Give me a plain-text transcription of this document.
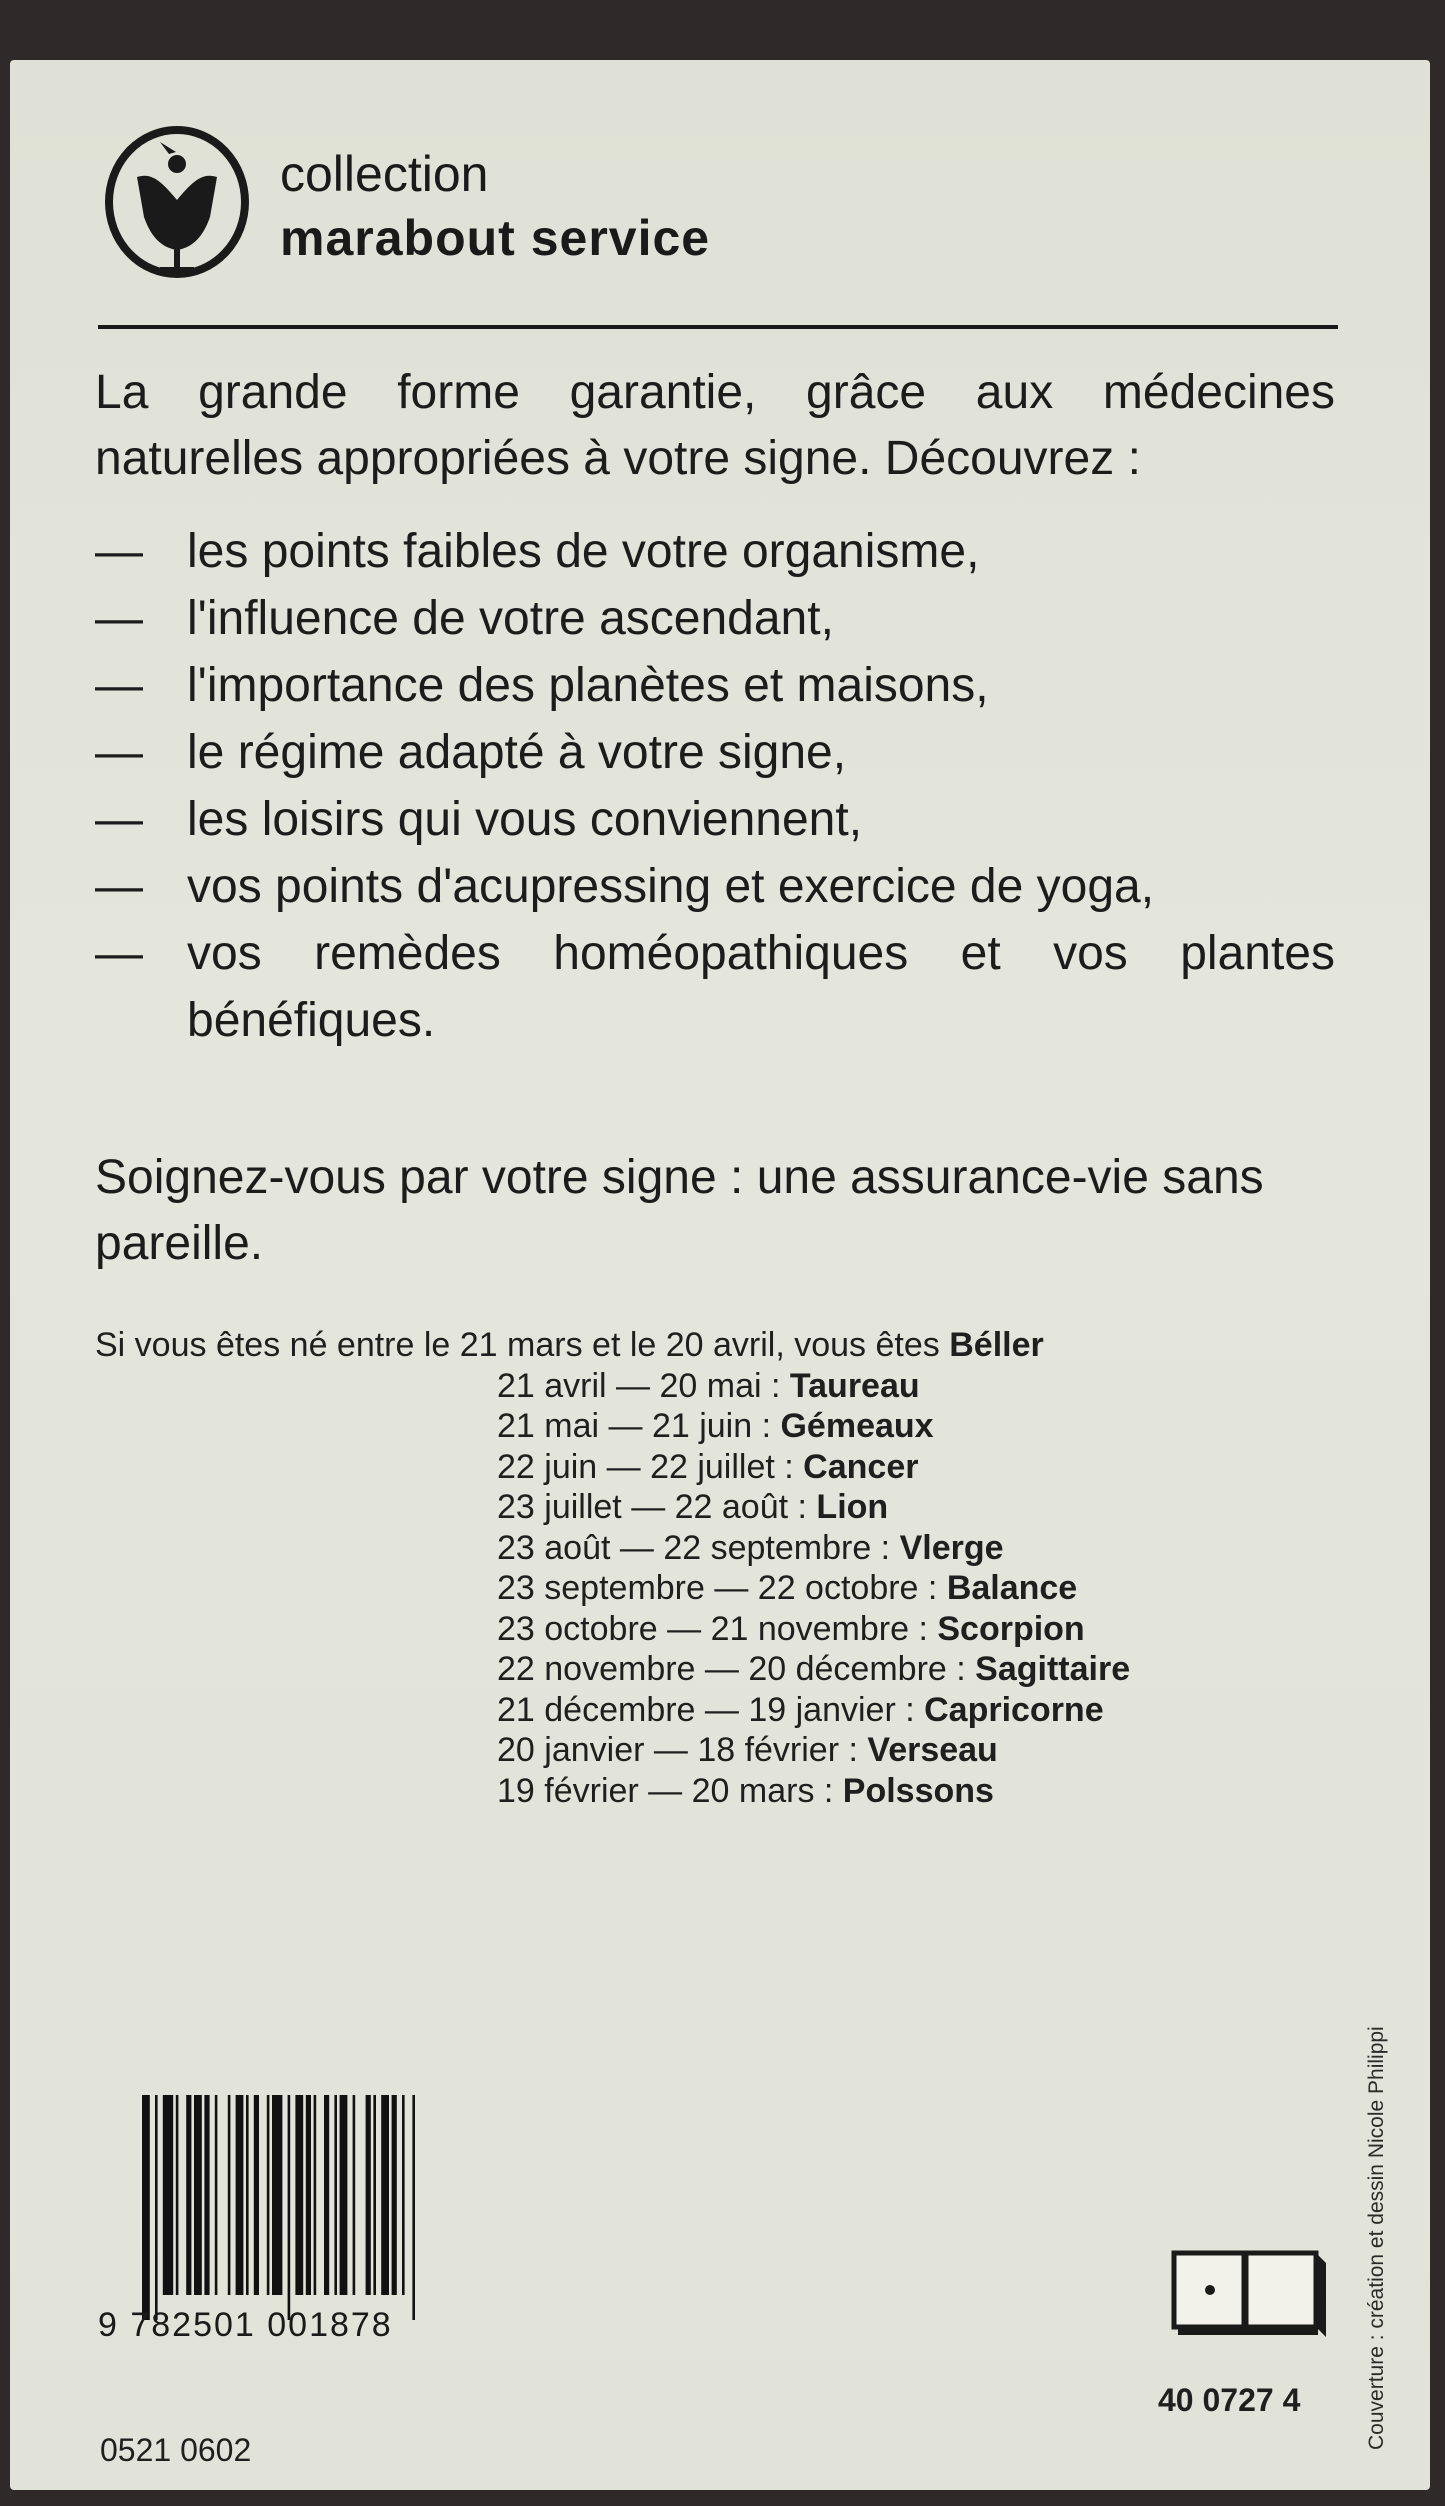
collection
marabout service
La grande forme garantie, grâce aux médecines naturelles appropriées à votre signe. Découvrez :
— les points faibles de votre organisme,
— l'influence de votre ascendant,
— l'importance des planètes et maisons,
— le régime adapté à votre signe,
— les loisirs qui vous conviennent,
— vos points d'acupressing et exercice de yoga,
— vos remèdes homéopathiques et vos plantes bénéfiques.
Soignez-vous par votre signe : une assurance-vie sans pareille.
Si vous êtes né entre le 21 mars et le 20 avril, vous êtes Béller
21 avril — 20 mai : Taureau
21 mai — 21 juin : Gémeaux
22 juin — 22 juillet : Cancer
23 juillet — 22 août : Lion
23 août — 22 septembre : Vlerge
23 septembre — 22 octobre : Balance
23 octobre — 21 novembre : Scorpion
22 novembre — 20 décembre : Sagittaire
21 décembre — 19 janvier : Capricorne
20 janvier — 18 février : Verseau
19 février — 20 mars : Polssons
9 782501 001878
0521 0602
40 0727 4	Couverture : création et dessin Nicole Philippi
